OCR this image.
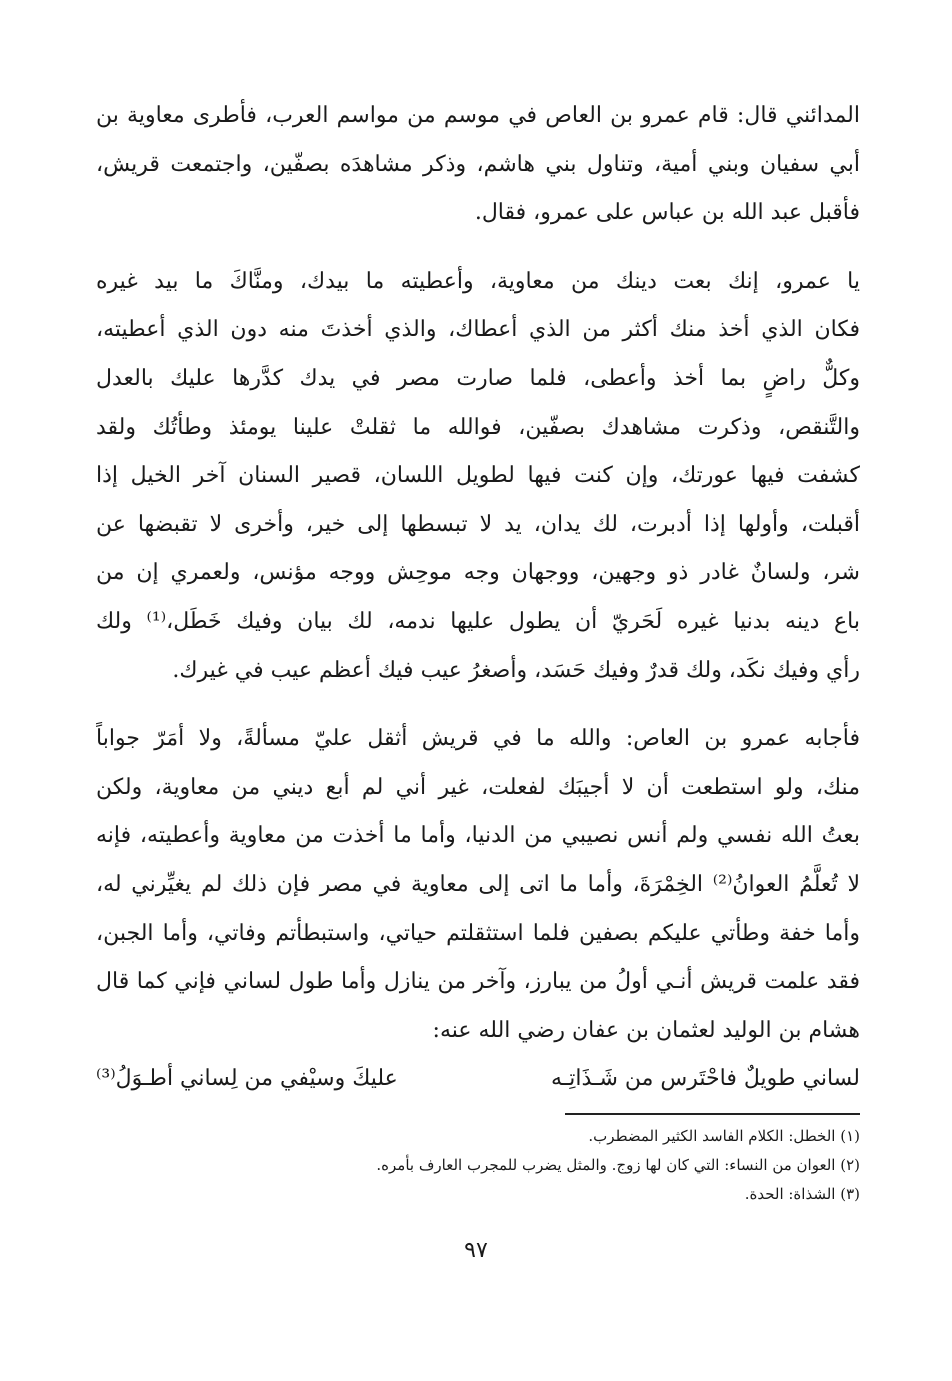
المدائني قال: قام عمرو بن العاص في موسم من مواسم العرب، فأطرى معاوية بن
أبي سفيان وبني أمية، وتناول بني هاشم، وذكر مشاهدَه بصفّين، واجتمعت قريش،
فأقبل عبد الله بن عباس على عمرو، فقال.
يا عمرو، إنك بعت دينك من معاوية، وأعطيته ما بيدك، ومنَّاكَ ما بيد غيره
فكان الذي أخذ منك أكثر من الذي أعطاك، والذي أخذتَ منه دون الذي أعطيته،
وكلٌّ راضٍ بما أخذ وأعطى، فلما صارت مصر في يدك كدَّرها عليك بالعدل
والتَّنقص، وذكرت مشاهدك بصفّين، فوالله ما ثقلتْ علينا يومئذ وطأتُك ولقد
كشفت فيها عورتك، وإن كنت فيها لطويل اللسان، قصير السنان آخر الخيل إذا
أقبلت، وأولها إذا أدبرت، لك يدان، يد لا تبسطها إلى خير، وأخرى لا تقبضها عن
شر، ولسانٌ غادر ذو وجهين، ووجهان وجه موحِش ووجه مؤنس، ولعمري إن من
باع دينه بدنيا غيره لَحَريّ أن يطول عليها ندمه، لك بيان وفيك خَطَل،⁽¹⁾ ولك
رأي وفيك نكَد، ولك قدرٌ وفيك حَسَد، وأصغرُ عيب فيك أعظم عيب في غيرك.
فأجابه عمرو بن العاص: والله ما في قريش أثقل عليّ مسألةً، ولا أمَرّ جواباً
منك، ولو استطعت أن لا أجيبَك لفعلت، غير أني لم أبع ديني من معاوية، ولكن
بعتُ الله نفسي ولم أنس نصيبي من الدنيا، وأما ما أخذت من معاوية وأعطيته، فإنه
لا تُعلَّمُ العوانُ⁽²⁾ الخِمْرَةَ، وأما ما اتى إلى معاوية في مصر فإن ذلك لم يغيِّرني له،
وأما خفة وطأتي عليكم بصفين فلما استثقلتم حياتي، واستبطأتم وفاتي، وأما الجبن،
فقد علمت قريش أنـي أولُ من يبارز، وآخر من ينازل وأما طول لساني فإني كما قال
هشام بن الوليد لعثمان بن عفان رضي الله عنه:
لساني طويلٌ فاحْتَرس من شَـذَاتِـه
عليكَ وسيْفي من لِساني أطـوَلُ⁽³⁾
(١) الخطل: الكلام الفاسد الكثير المضطرب.
(٢) العوان من النساء: التي كان لها زوج. والمثل يضرب للمجرب العارف بأمره.
(٣) الشذاة: الحدة.
٩٧
